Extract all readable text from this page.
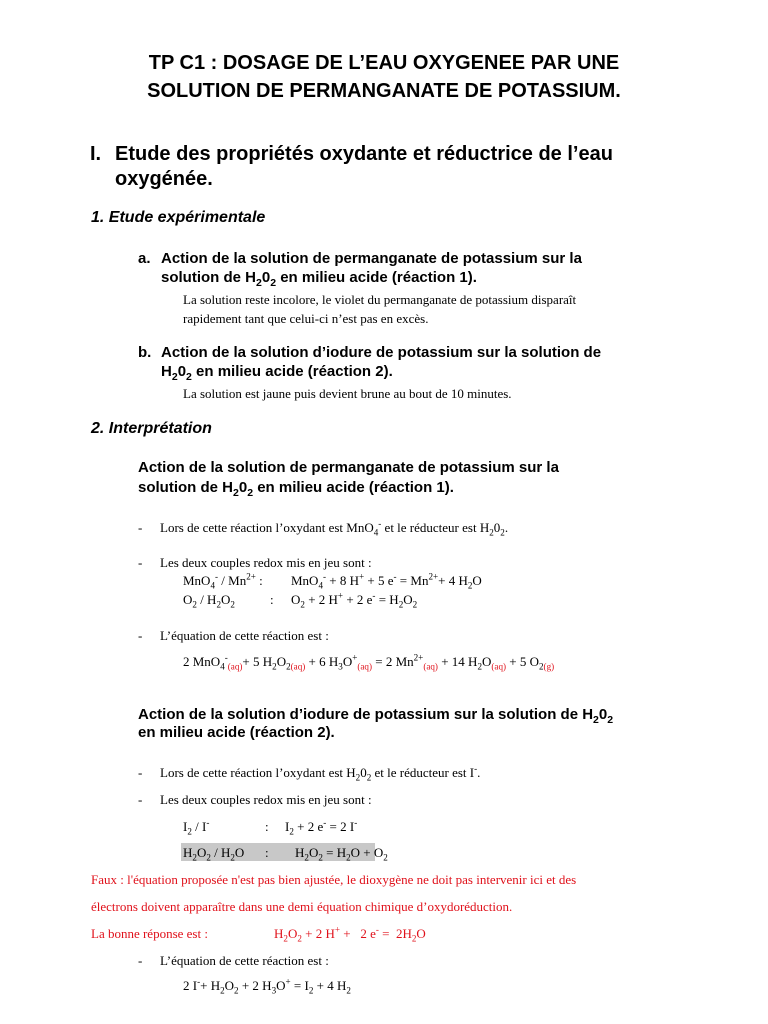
TP C1 : DOSAGE DE L’EAU OXYGENEE PAR UNE
SOLUTION DE PERMANGANATE DE POTASSIUM.
I. Etude des propriétés oxydante et réductrice de l’eau
oxygénée.
1. Etude expérimentale
a. Action de la solution de permanganate de potassium sur la
solution de $H_20_2$ en milieu acide (réaction 1).
La solution reste incolore, le violet du permanganate de potassium disparaît
rapidement tant que celui-ci n’est pas en excès.
b. Action de la solution d’iodure de potassium sur la solution de
$H_20_2$ en milieu acide (réaction 2).
La solution est jaune puis devient brune au bout de 10 minutes.
2. Interprétation
Action de la solution de permanganate de potassium sur la
solution de $H_20_2$ en milieu acide (réaction 1).
- Lors de cette réaction l’oxydant est MnO$_4$- et le réducteur est $H_20_2$.
- Les deux couples redox mis en jeu sont :
$MnO_4^- / Mn^{2+}$ : MnO$_4$- + 8 H+ + 5 $e^- = Mn^{2+}+ 4$ $H_2O$
$O_2 / H_2O_2$	: $O_2 + 2$ H+ + 2 $e^- = H_2O_2$
- L’équation de cette réaction est :
2 MnO$_4$-$_{(aq)}$+ 5 $H_2O_{2(aq)} + 6$ $H_3O^+_{(aq)} = 2$ $Mn^{2+}_{(aq)} + 14$ $H_2O_{(aq)} + 5$ $O_{2(g)}$
Action de la solution d’iodure de potassium sur la solution de $H_20_2$
en milieu acide (réaction 2).
- Lors de cette réaction l’oxydant est $H_20_2$ et le réducteur est I-.
- Les deux couples redox mis en jeu sont :
$I_2 / I^-$	: $I_2 + 2$ e- = 2 I-
$H_2O_2 / H_2O$ : $H_2O_2 = H_2O + O_2$
Faux : l'équation proposée n'est pas bien ajustée, le dioxygène ne doit pas intervenir ici et des
électrons doivent apparaître dans une demi équation chimique d’oxydoréduction.
La bonne réponse est :	$H_2O_2 + 2$ H+ +   2 $e^- = 2H_2O$
- L’équation de cette réaction est :
2 $I^-+ H_2O_2 + 2$ $H_3O^+ = I_2 + 4$ $H_2$
